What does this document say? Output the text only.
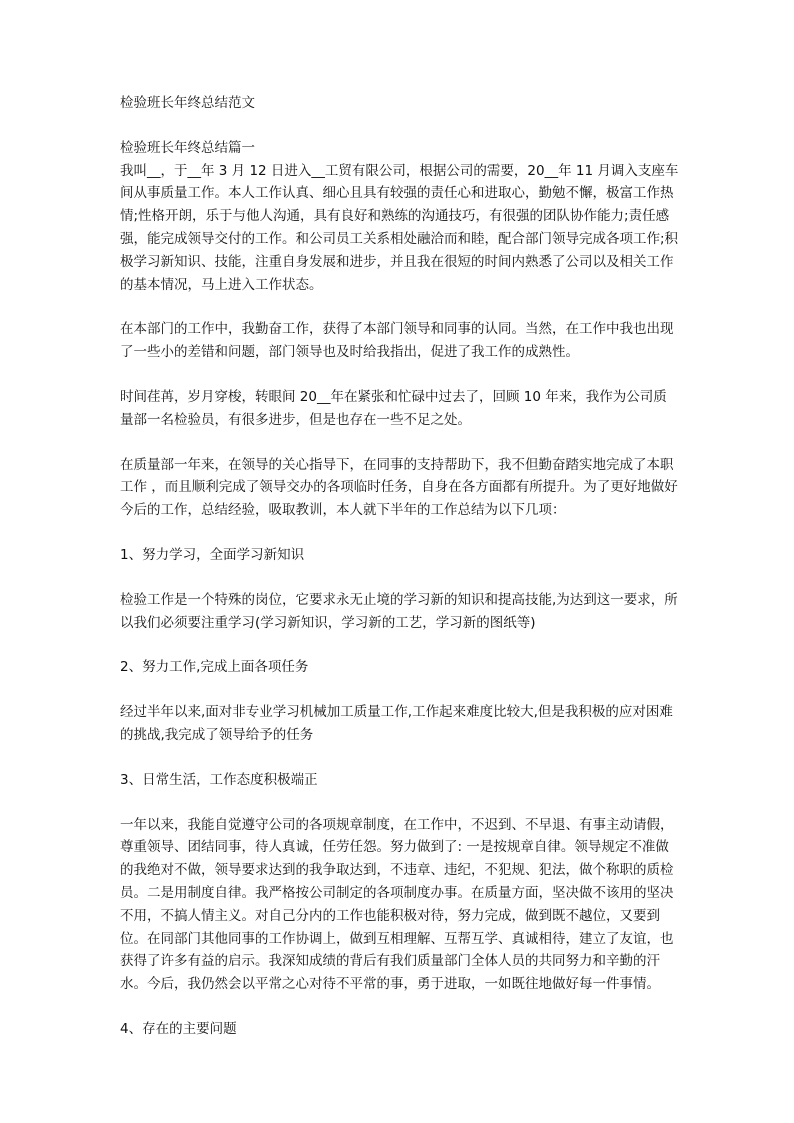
检验班长年终总结范文
检验班长年终总结篇一

我叫__，于__年 3 月 12 日进入__工贸有限公司，根据公司的需要，20__年 11 月调入支座车间从事质量工作。本人工作认真、细心且具有较强的责任心和进取心，勤勉不懈，极富工作热情;性格开朗，乐于与他人沟通，具有良好和熟练的沟通技巧，有很强的团队协作能力;责任感强，能完成领导交付的工作。和公司员工关系相处融洽而和睦，配合部门领导完成各项工作;积极学习新知识、技能，注重自身发展和进步，并且我在很短的时间内熟悉了公司以及相关工作的基本情况，马上进入工作状态。

在本部门的工作中，我勤奋工作，获得了本部门领导和同事的认同。当然，在工作中我也出现了一些小的差错和问题，部门领导也及时给我指出，促进了我工作的成熟性。

时间荏苒，岁月穿梭，转眼间 20__年在紧张和忙碌中过去了，回顾 10 年来，我作为公司质量部一名检验员，有很多进步，但是也存在一些不足之处。

在质量部一年来，在领导的关心指导下，在同事的支持帮助下，我不但勤奋踏实地完成了本职工作 ，而且顺利完成了领导交办的各项临时任务，自身在各方面都有所提升。为了更好地做好今后的工作，总结经验，吸取教训，本人就下半年的工作总结为以下几项：

1、努力学习，全面学习新知识

检验工作是一个特殊的岗位，它要求永无止境的学习新的知识和提高技能,为达到这一要求，所以我们必须要注重学习(学习新知识，学习新的工艺，学习新的图纸等)

2、努力工作,完成上面各项任务

经过半年以来,面对非专业学习机械加工质量工作,工作起来难度比较大,但是我积极的应对困难的挑战,我完成了领导给予的任务

3、日常生活，工作态度积极端正

一年以来，我能自觉遵守公司的各项规章制度，在工作中，不迟到、不早退、有事主动请假，尊重领导、团结同事，待人真诚，任劳任怨。努力做到了: 一是按规章自律。领导规定不准做的我绝对不做，领导要求达到的我争取达到，不违章、违纪，不犯规、犯法，做个称职的质检员。二是用制度自律。我严格按公司制定的各项制度办事。在质量方面，坚决做不该用的坚决不用，不搞人情主义。对自己分内的工作也能积极对待，努力完成，做到既不越位，又要到位。在同部门其他同事的工作协调上，做到互相理解、互帮互学、真诚相待，建立了友谊，也获得了许多有益的启示。我深知成绩的背后有我们质量部门全体人员的共同努力和辛勤的汗水。今后，我仍然会以平常之心对待不平常的事，勇于进取，一如既往地做好每一件事情。

4、存在的主要问题
